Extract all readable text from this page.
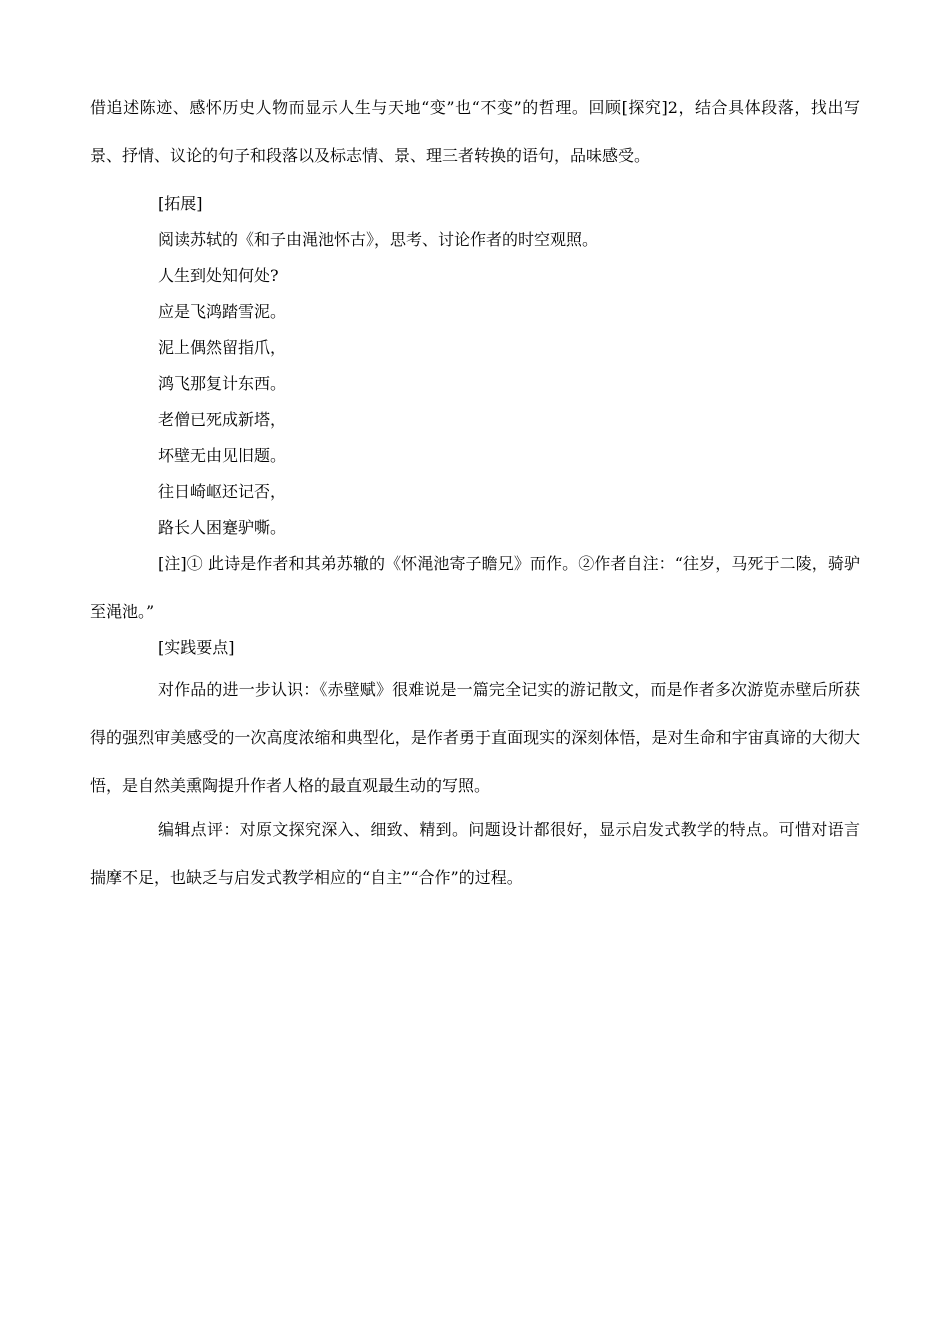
借追述陈迹、感怀历史人物而显示人生与天地“变”也“不变”的哲理。回顾[探究]2，结合具体段落，找出写景、抒情、议论的句子和段落以及标志情、景、理三者转换的语句，品味感受。

[拓展]

阅读苏轼的《和子由渑池怀古》，思考、讨论作者的时空观照。

人生到处知何处?

应是飞鸿踏雪泥。

泥上偶然留指爪，

鸿飞那复计东西。

老僧已死成新塔，

坏壁无由见旧题。

往日崎岖还记否，

路长人困蹇驴嘶。

[注]① 此诗是作者和其弟苏辙的《怀渑池寄子瞻兄》而作。②作者自注：“往岁，马死于二陵，骑驴至渑池。”

[实践要点]

对作品的进一步认识：《赤壁赋》很难说是一篇完全记实的游记散文，而是作者多次游览赤壁后所获得的强烈审美感受的一次高度浓缩和典型化，是作者勇于直面现实的深刻体悟，是对生命和宇宙真谛的大彻大悟，是自然美熏陶提升作者人格的最直观最生动的写照。

编辑点评：对原文探究深入、细致、精到。问题设计都很好，显示启发式教学的特点。可惜对语言揣摩不足，也缺乏与启发式教学相应的“自主”“合作”的过程。
